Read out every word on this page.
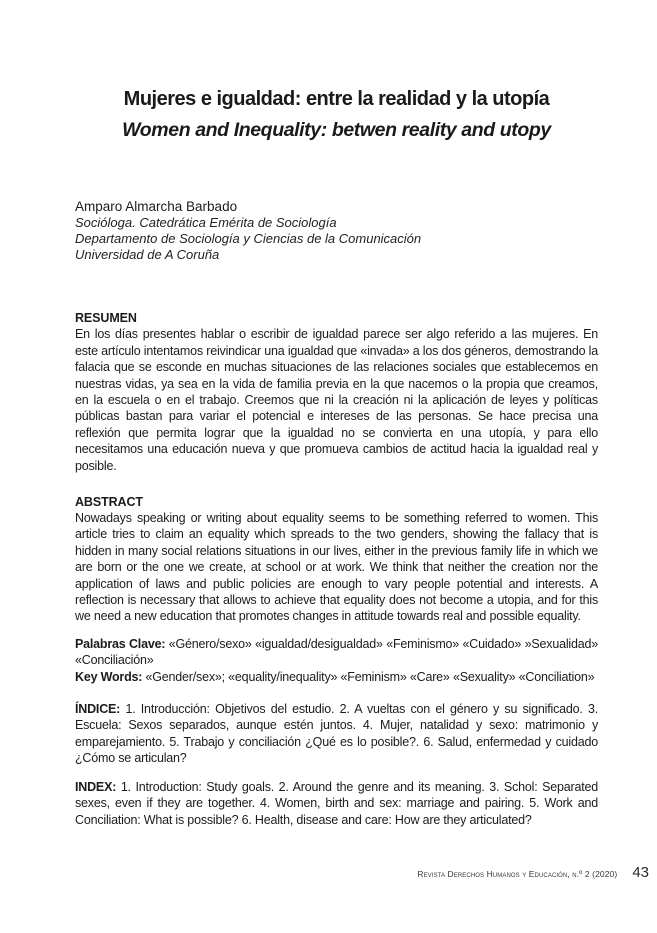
Mujeres e igualdad: entre la realidad y la utopía
Women and Inequality: betwen reality and utopy
Amparo Almarcha Barbado
Socióloga. Catedrática Emérita de Sociología
Departamento de Sociología y Ciencias de la Comunicación
Universidad de A Coruña
RESUMEN

En los días presentes hablar o escribir de igualdad parece ser algo referido a las mujeres. En este artículo intentamos reivindicar una igualdad que «invada» a los dos géneros, demostrando la falacia que se esconde en muchas situaciones de las relaciones sociales que establecemos en nuestras vidas, ya sea en la vida de familia previa en la que nacemos o la propia que creamos, en la escuela o en el trabajo. Creemos que ni la creación ni la aplicación de leyes y políticas públicas bastan para variar el potencial e intereses de las personas. Se hace precisa una reflexión que permita lograr que la igualdad no se convierta en una utopía, y para ello necesitamos una educación nueva y que promueva cambios de actitud hacia la igualdad real y posible.

ABSTRACT

Nowadays speaking or writing about equality seems to be something referred to women. This article tries to claim an equality which spreads to the two genders, showing the fallacy that is hidden in many social relations situations in our lives, either in the previous family life in which we are born or the one we create, at school or at work. We think that neither the creation nor the application of laws and public policies are enough to vary people potential and interests. A reflection is necessary that allows to achieve that equality does not become a utopia, and for this we need a new education that promotes changes in attitude towards real and possible equality.

Palabras Clave: «Género/sexo» «igualdad/desigualdad» «Feminismo» «Cuidado» »Sexualidad» «Conciliación»

Key Words: «Gender/sex»; «equality/inequality» «Feminism» «Care» «Sexuality» «Conciliation»

ÍNDICE: 1. Introducción: Objetivos del estudio. 2. A vueltas con el género y su significado. 3. Escuela: Sexos separados, aunque estén juntos. 4. Mujer, natalidad y sexo: matrimonio y emparejamiento. 5. Trabajo y conciliación ¿Qué es lo posible?. 6. Salud, enfermedad y cuidado ¿Cómo se articulan?

INDEX: 1. Introduction: Study goals. 2. Around the genre and its meaning. 3. Schol: Separated sexes, even if they are together. 4. Women, birth and sex: marriage and pairing. 5. Work and Conciliation: What is possible? 6. Health, disease and care: How are they articulated?

Revista Derechos Humanos y Educación, n.º 2 (2020) 43
